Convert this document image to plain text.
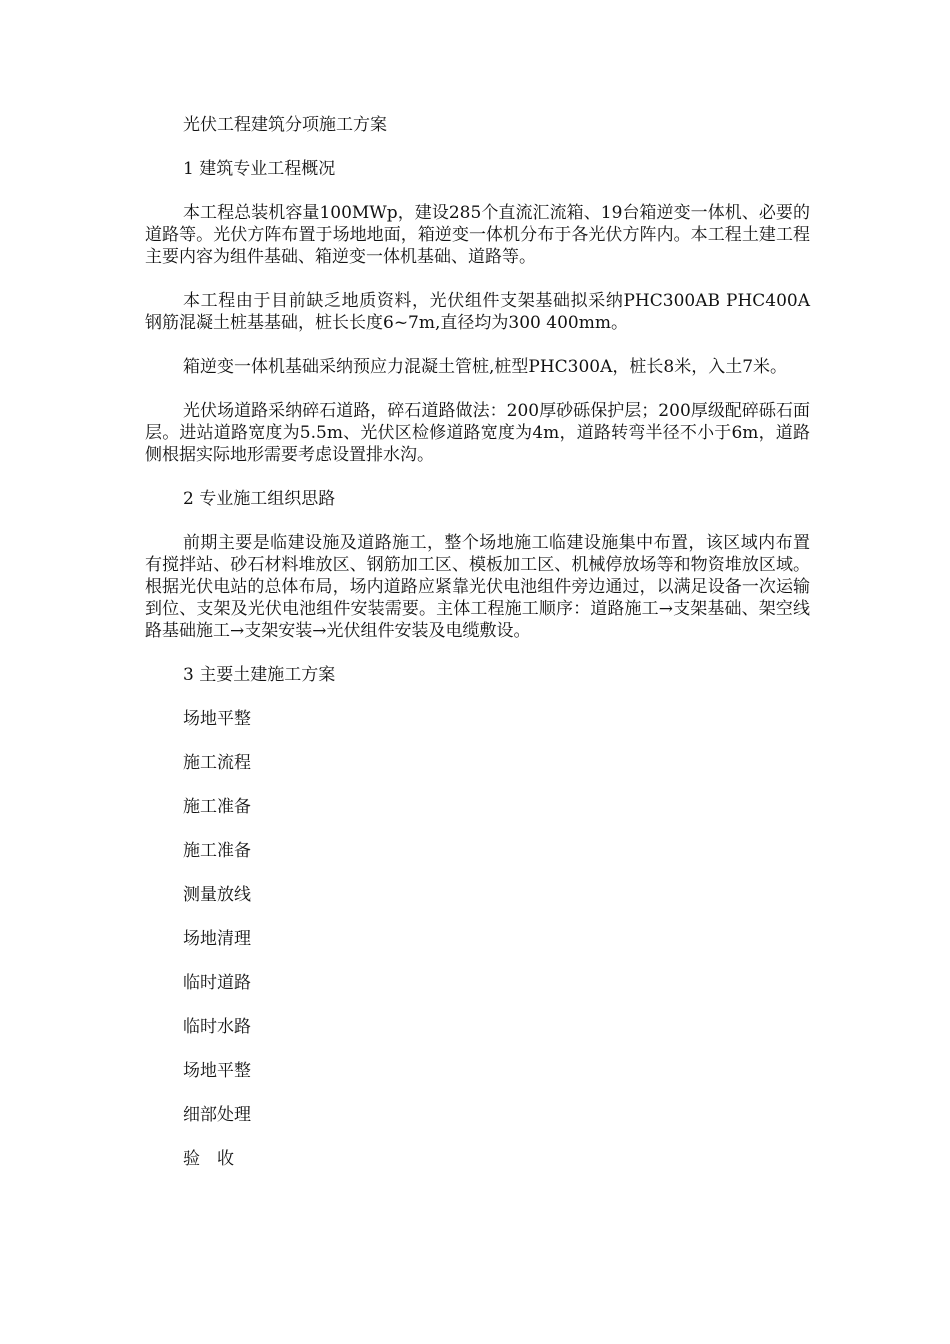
光伏工程建筑分项施工方案

1 建筑专业工程概况

本工程总装机容量100MWp，建设285个直流汇流箱、19台箱逆变一体机、必要的道路等。光伏方阵布置于场地地面，箱逆变一体机分布于各光伏方阵内。本工程土建工程主要内容为组件基础、箱逆变一体机基础、道路等。

本工程由于目前缺乏地质资料，光伏组件支架基础拟采纳PHC300AB PHC400A钢筋混凝土桩基基础，桩长长度6~7m,直径均为300 400mm。

箱逆变一体机基础采纳预应力混凝土管桩,桩型PHC300A，桩长8米，入土7米。

光伏场道路采纳碎石道路，碎石道路做法：200厚砂砾保护层；200厚级配碎砾石面层。进站道路宽度为5.5m、光伏区检修道路宽度为4m，道路转弯半径不小于6m，道路侧根据实际地形需要考虑设置排水沟。

2 专业施工组织思路

前期主要是临建设施及道路施工，整个场地施工临建设施集中布置，该区域内布置有搅拌站、砂石材料堆放区、钢筋加工区、模板加工区、机械停放场等和物资堆放区域。根据光伏电站的总体布局，场内道路应紧靠光伏电池组件旁边通过，以满足设备一次运输到位、支架及光伏电池组件安装需要。主体工程施工顺序：道路施工→支架基础、架空线路基础施工→支架安装→光伏组件安装及电缆敷设。

3 主要土建施工方案

场地平整

施工流程

施工准备

施工准备

测量放线

场地清理

临时道路

临时水路

场地平整

细部处理

验　收
